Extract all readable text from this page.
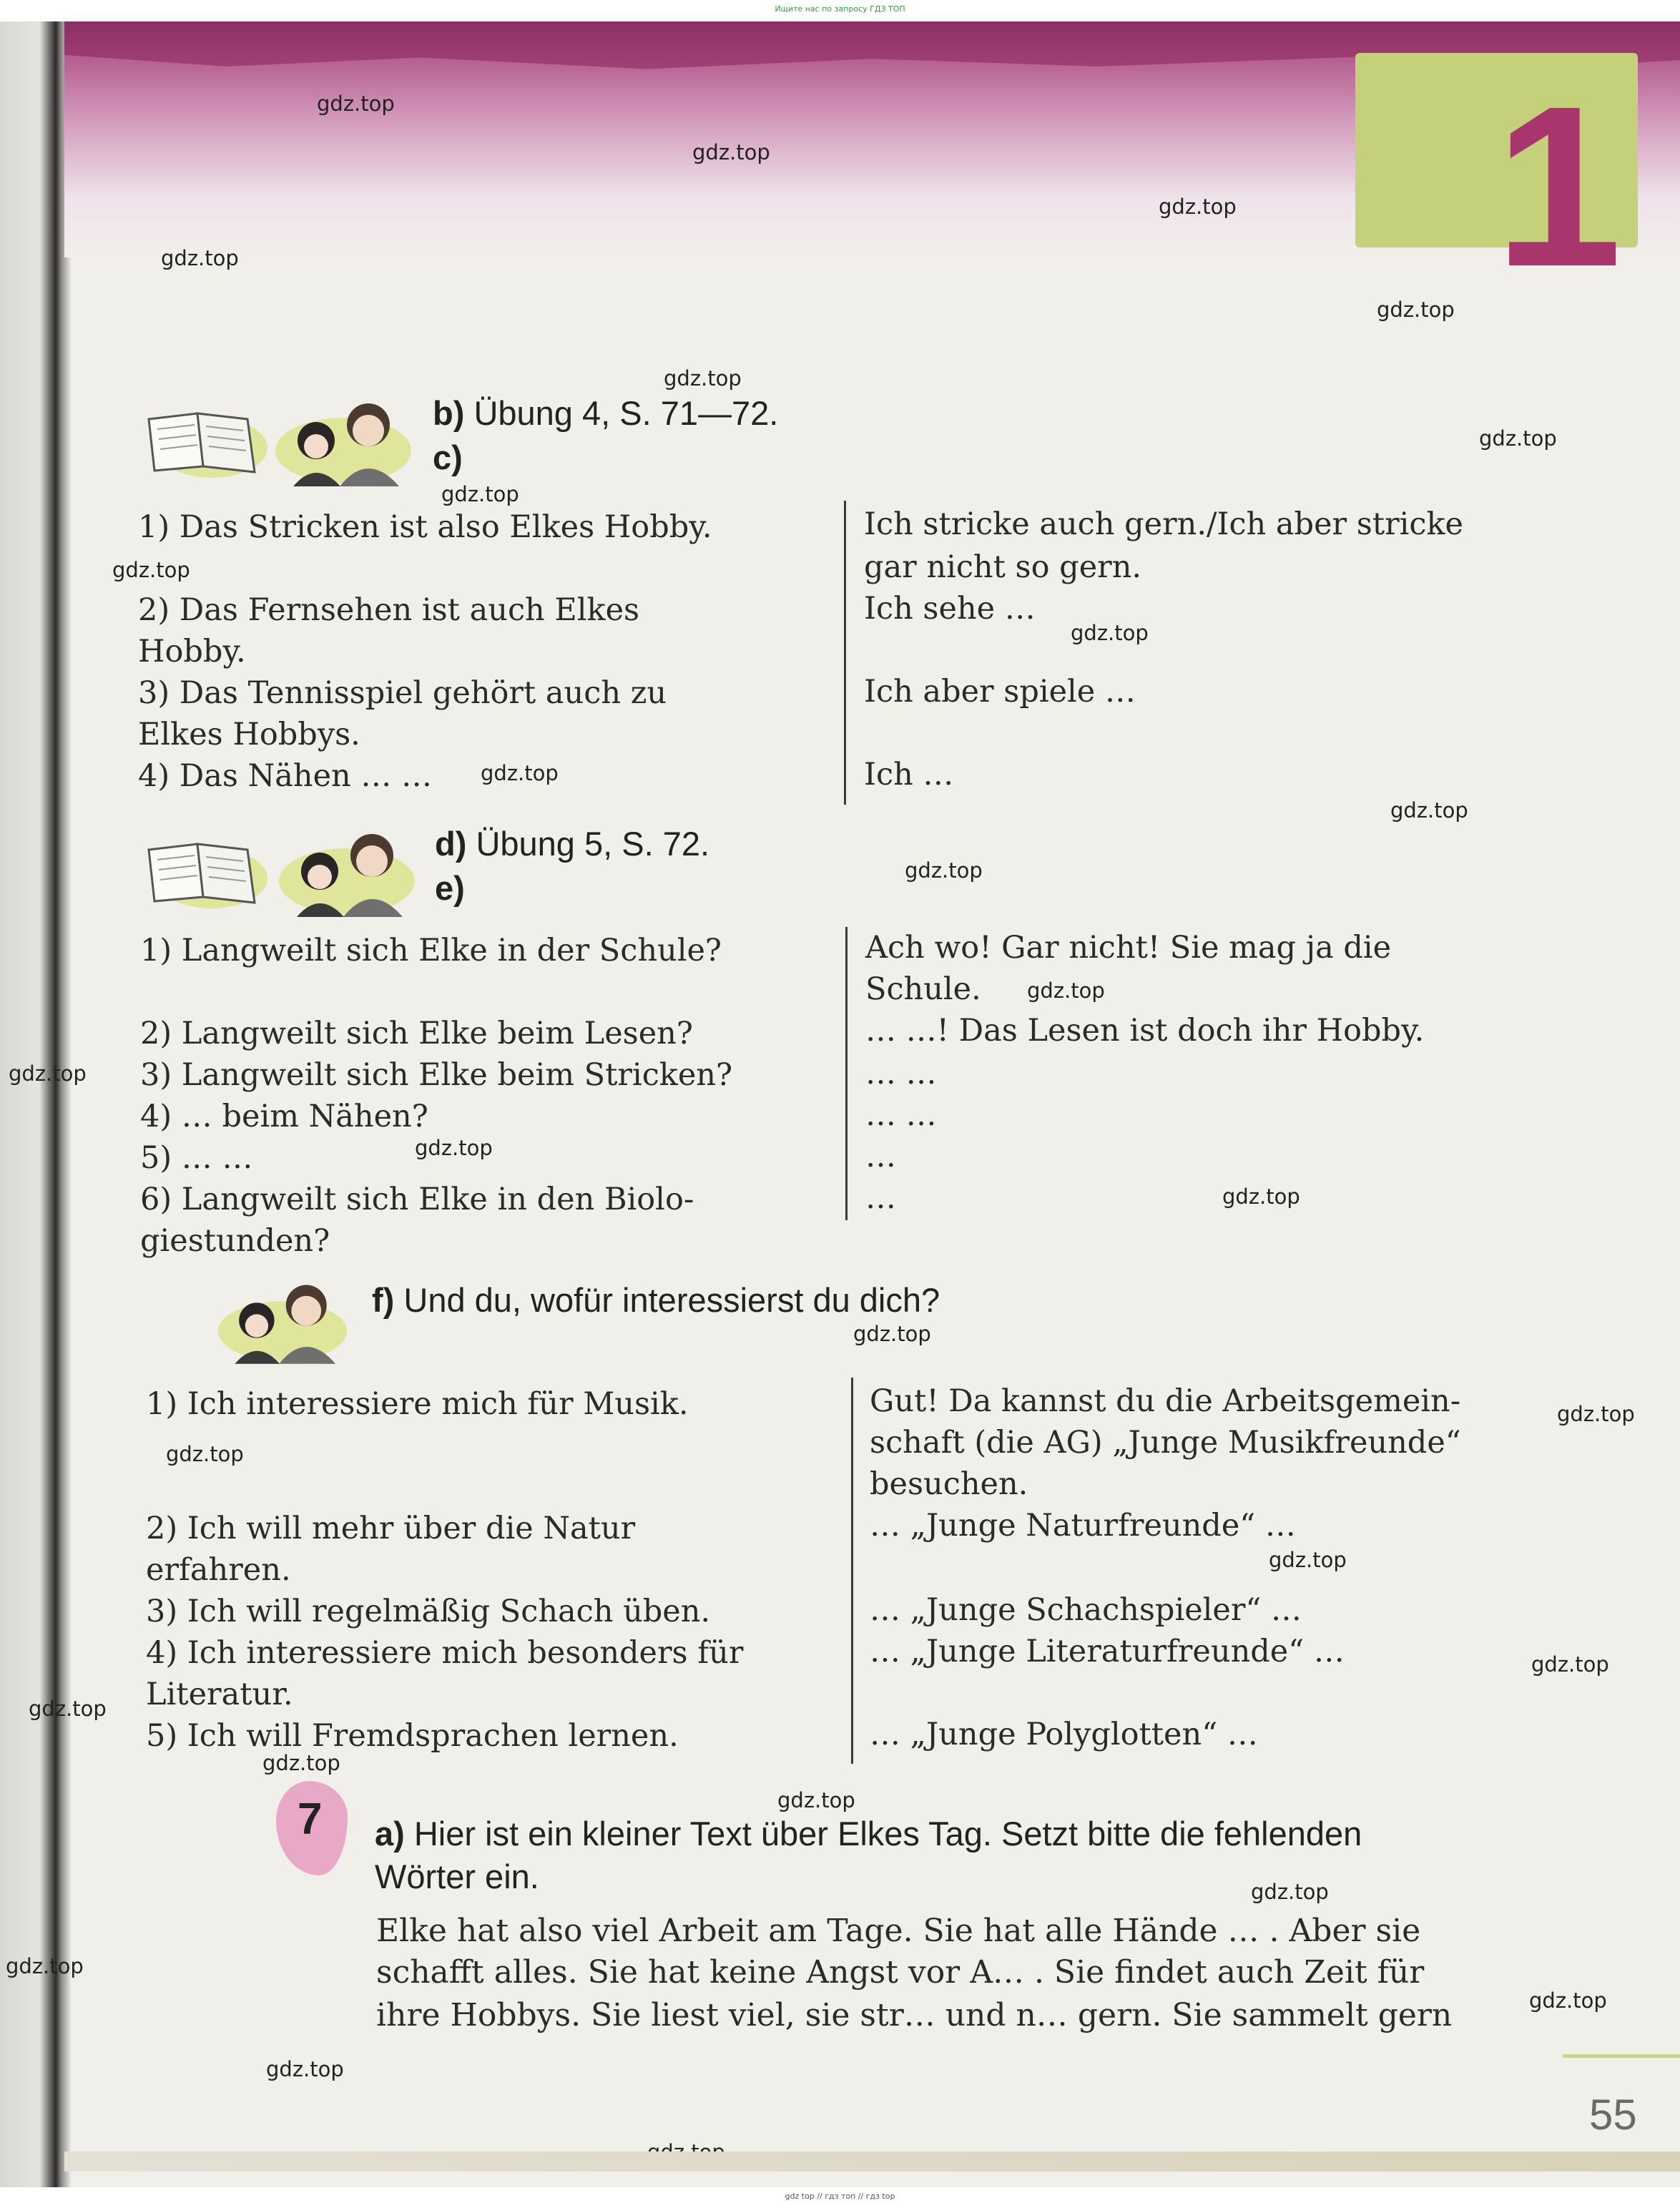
Ищите нас по запросу ГДЗ ТОП
1
gdz.top
gdz.top
gdz.top
gdz.top
gdz.top
gdz.top
gdz.top
gdz.top
gdz.top
gdz.top
gdz.top
gdz.top
gdz.top
gdz.top
gdz.top
gdz.top
gdz.top
gdz.top
gdz.top
gdz.top
gdz.top
gdz.top
gdz.top
gdz.top
gdz.top
gdz.top
gdz.top
gdz.top
gdz.top
b) Übung 4, S. 71—72.
c)
1) Das Stricken ist also Elkes Hobby.
2) Das Fernsehen ist auch Elkes
Hobby.
3) Das Tennisspiel gehört auch zu
Elkes Hobbys.
4) Das Nähen … …
Ich stricke auch gern./Ich aber stricke
gar nicht so gern.
Ich sehe …
Ich aber spiele …
Ich …
d) Übung 5, S. 72.
e)
1) Langweilt sich Elke in der Schule?
2) Langweilt sich Elke beim Lesen?
3) Langweilt sich Elke beim Stricken?
4) … beim Nähen?
5) … …
6) Langweilt sich Elke in den Biolo-
giestunden?
Ach wo! Gar nicht! Sie mag ja die
Schule.
… …! Das Lesen ist doch ihr Hobby.
… …
… …
…
…
f) Und du, wofür interessierst du dich?
1) Ich interessiere mich für Musik.
2) Ich will mehr über die Natur
erfahren.
3) Ich will regelmäßig Schach üben.
4) Ich interessiere mich besonders für
Literatur.
5) Ich will Fremdsprachen lernen.
Gut! Da kannst du die Arbeitsgemein-
schaft (die AG) „Junge Musikfreunde“
besuchen.
… „Junge Naturfreunde“ …
… „Junge Schachspieler“ …
… „Junge Literaturfreunde“ …
… „Junge Polyglotten“ …
7 a) Hier ist ein kleiner Text über Elkes Tag. Setzt bitte die fehlenden
Wörter ein.
Elke hat also viel Arbeit am Tage. Sie hat alle Hände … . Aber sie
schafft alles. Sie hat keine Angst vor A… . Sie findet auch Zeit für
ihre Hobbys. Sie liest viel, sie str… und n… gern. Sie sammelt gern
55
gdz top // гдз топ // гдз top
